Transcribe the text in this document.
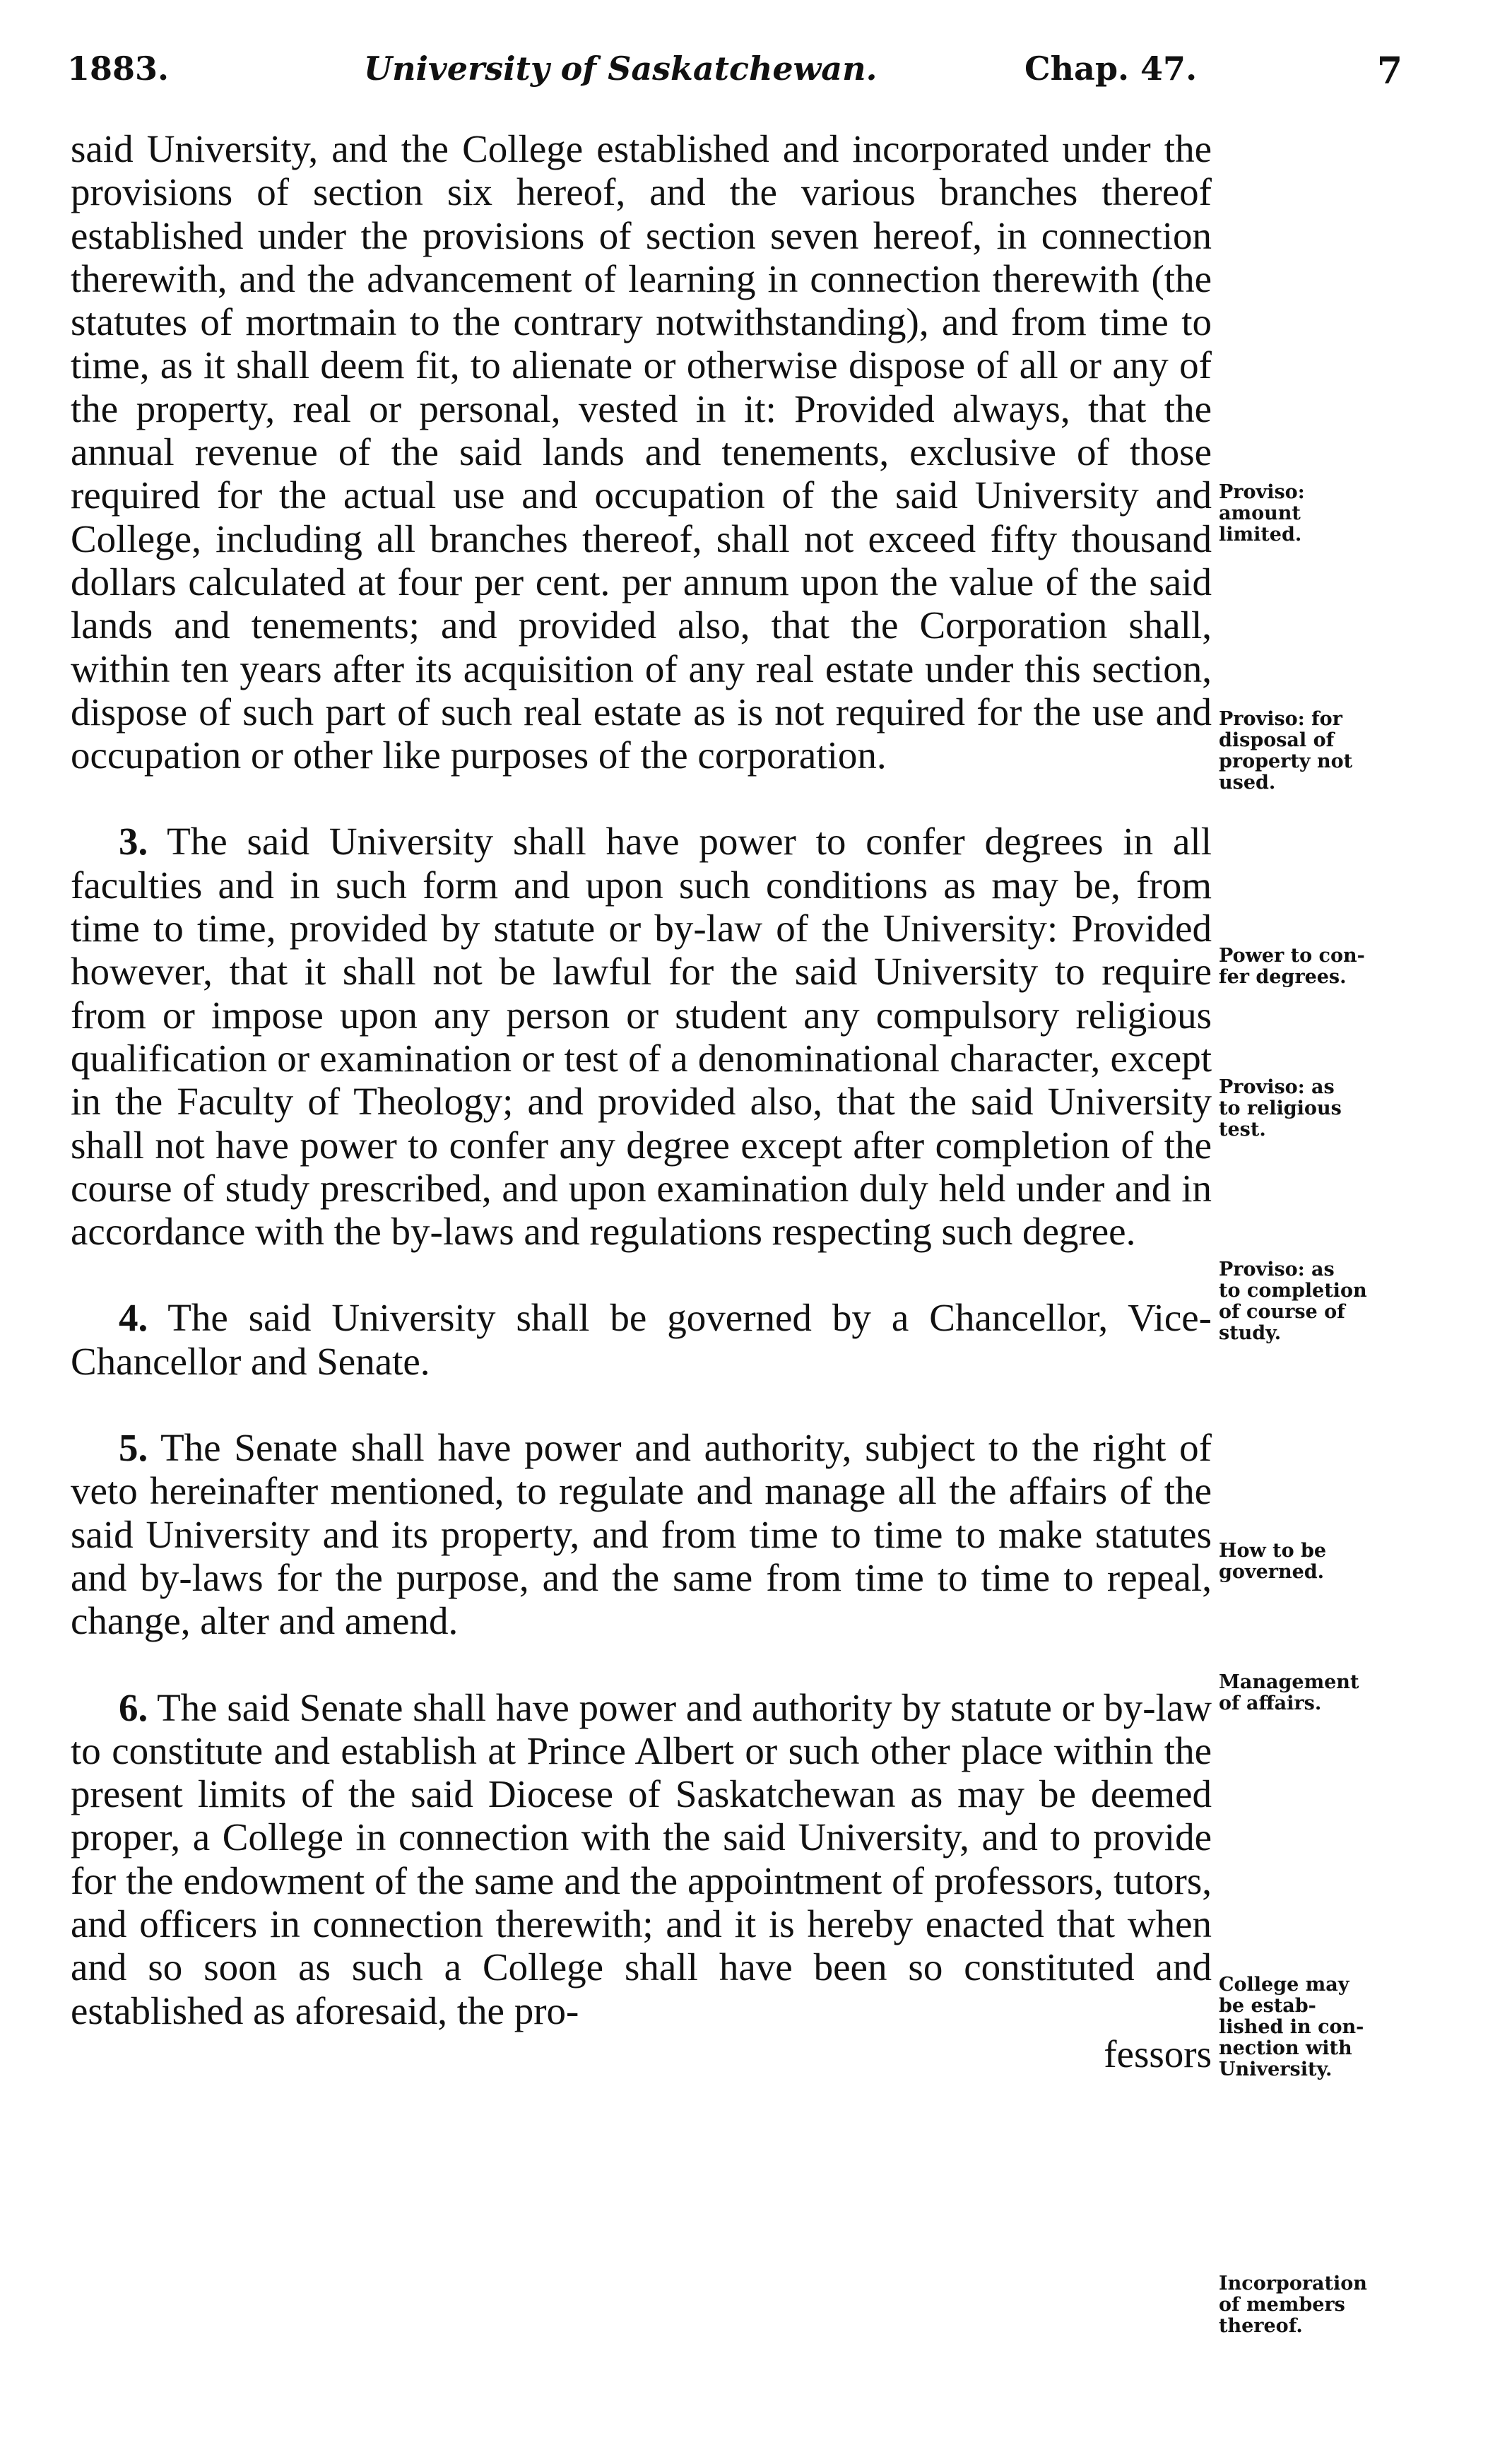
1883.	University of Saskatchewan.	Chap. 47.	7

said University, and the College established and incorporated under the provisions of section six hereof, and the various branches thereof established under the provisions of section seven hereof, in connection therewith, and the advancement of learning in connection therewith (the statutes of mortmain to the contrary notwithstanding), and from time to time, as it shall deem fit, to alienate or otherwise dispose of all or any of the property, real or personal, vested in it: Provided always, that the annual revenue of the said lands and tenements, exclusive of those required for the actual use and occupation of the said University and College, including all branches thereof, shall not exceed fifty thousand dollars calculated at four per cent. per annum upon the value of the said lands and tenements; and provided also, that the Corporation shall, within ten years after its acquisition of any real estate under this section, dispose of such part of such real estate as is not required for the use and occupation or other like purposes of the corporation.

3. The said University shall have power to confer degrees in all faculties and in such form and upon such conditions as may be, from time to time, provided by statute or by-law of the University: Provided however, that it shall not be lawful for the said University to require from or impose upon any person or student any compulsory religious qualification or examination or test of a denominational character, except in the Faculty of Theology; and provided also, that the said University shall not have power to confer any degree except after completion of the course of study prescribed, and upon examination duly held under and in accordance with the by-laws and regulations respecting such degree.

4. The said University shall be governed by a Chancellor, Vice-Chancellor and Senate.

5. The Senate shall have power and authority, subject to the right of veto hereinafter mentioned, to regulate and manage all the affairs of the said University and its property, and from time to time to make statutes and by-laws for the purpose, and the same from time to time to repeal, change, alter and amend.

6. The said Senate shall have power and authority by statute or by-law to constitute and establish at Prince Albert or such other place within the present limits of the said Diocese of Saskatchewan as may be deemed proper, a College in connection with the said University, and to provide for the endowment of the same and the appointment of professors, tutors, and officers in connection therewith; and it is hereby enacted that when and so soon as such a College shall have been so constituted and established as aforesaid, the pro-

fessors

Proviso:
amount
limited.
Proviso: for
disposal of
property not
used.
Power to con-
fer degrees.
Proviso: as
to religious
test.
Proviso: as
to completion
of course of
study.
How to be
governed.
Management
of affairs.
College may
be estab-
lished in con-
nection with
University.
Incorporation
of members
thereof.
